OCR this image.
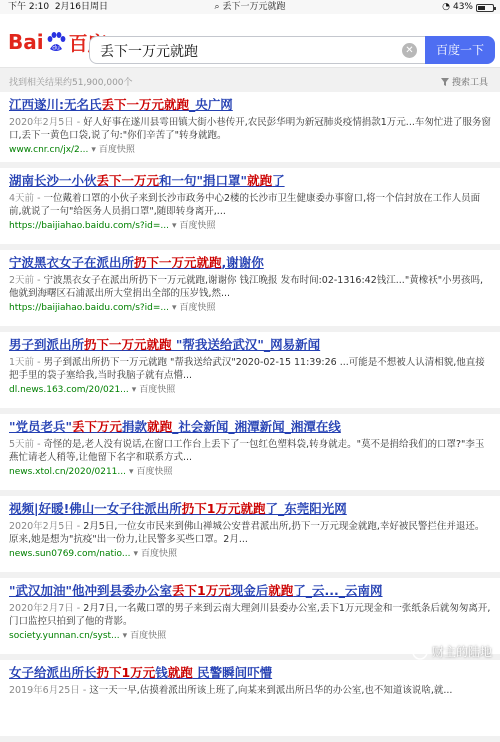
下午 2:10 2月16日周日	⌕ 丢下一万元就跑	◔ 43%
Bai du 百度
丢下一万元就跑	✕	百度一下
找到相关结果约51,900,000个	搜索工具
江西遂川:无名氏丢下一万元就跑_央广网
2020年2月5日 - 好人好事在遂川县雩田镇大街小巷传开,农民彭华明为新冠肺炎疫情捐款1万元...车匆忙进了服务窗口,丢下一黄色口袋,说了句:"你们辛苦了"转身就跑。
www.cnr.cn/jx/2... ▾ 百度快照
湖南长沙一小伙丢下一万元和一句"捐口罩"就跑了
4天前 - 一位戴着口罩的小伙子来到长沙市政务中心2楼的长沙市卫生健康委办事窗口,将一个信封放在工作人员面前,就说了一句"给医务人员捐口罩",随即转身离开,...
https://baijiahao.baidu.com/s?id=... ▾ 百度快照
宁波黑衣女子在派出所扔下一万元就跑,谢谢你
2天前 - 宁波黑衣女子在派出所扔下一万元就跑,谢谢你 钱江晚报 发布时间:02-1316:42钱江..."黄橡袄"小男孩吗,他就到海曙区石浦派出所大堂捐出全部的压岁钱,然...
https://baijiahao.baidu.com/s?id=... ▾ 百度快照
男子到派出所扔下一万元就跑 "帮我送给武汉"_网易新闻
1天前 - 男子到派出所扔下一万元就跑 "帮我送给武汉"2020-02-15 11:39:26 ...可能是不想被人认清相貌,他直接把手里的袋子塞给我,当时我脑子就有点懵...
dl.news.163.com/20/021... ▾ 百度快照
"党员老兵"丢下万元捐款就跑_社会新闻_湘潭新闻_湘潭在线
5天前 - 奇怪的是,老人没有说话,在窗口工作台上丢下了一包红色塑料袋,转身就走。"莫不是捐给我们的口罩?"李玉燕忙请老人稍等,让他留下名字和联系方式...
news.xtol.cn/2020/0211... ▾ 百度快照
视频|好暖!佛山一女子往派出所扔下1万元就跑了_东莞阳光网
2020年2月5日 - 2月5日,一位女市民来到佛山禅城公安普君派出所,扔下一万元现金就跑,幸好被民警拦住并退还。原来,她是想为"抗疫"出一份力,让民警多买些口罩。2月...
news.sun0769.com/natio... ▾ 百度快照
"武汉加油"他冲到县委办公室丢下1万元现金后就跑了_云..._云南网
2020年2月7日 - 2月7日,一名戴口罩的男子来到云南大理剑川县委办公室,丢下1万元现金和一张纸条后就匆匆离开,门口监控只拍到了他的背影。
society.yunnan.cn/syst... ▾ 百度快照
女子给派出所长扔下1万元钱就跑 民警瞬间吓懵
2019年6月25日 - 这一天一早,估摸着派出所该上班了,向某来到派出所吕华的办公室,也不知道该说啥,就...
财主的陆地
